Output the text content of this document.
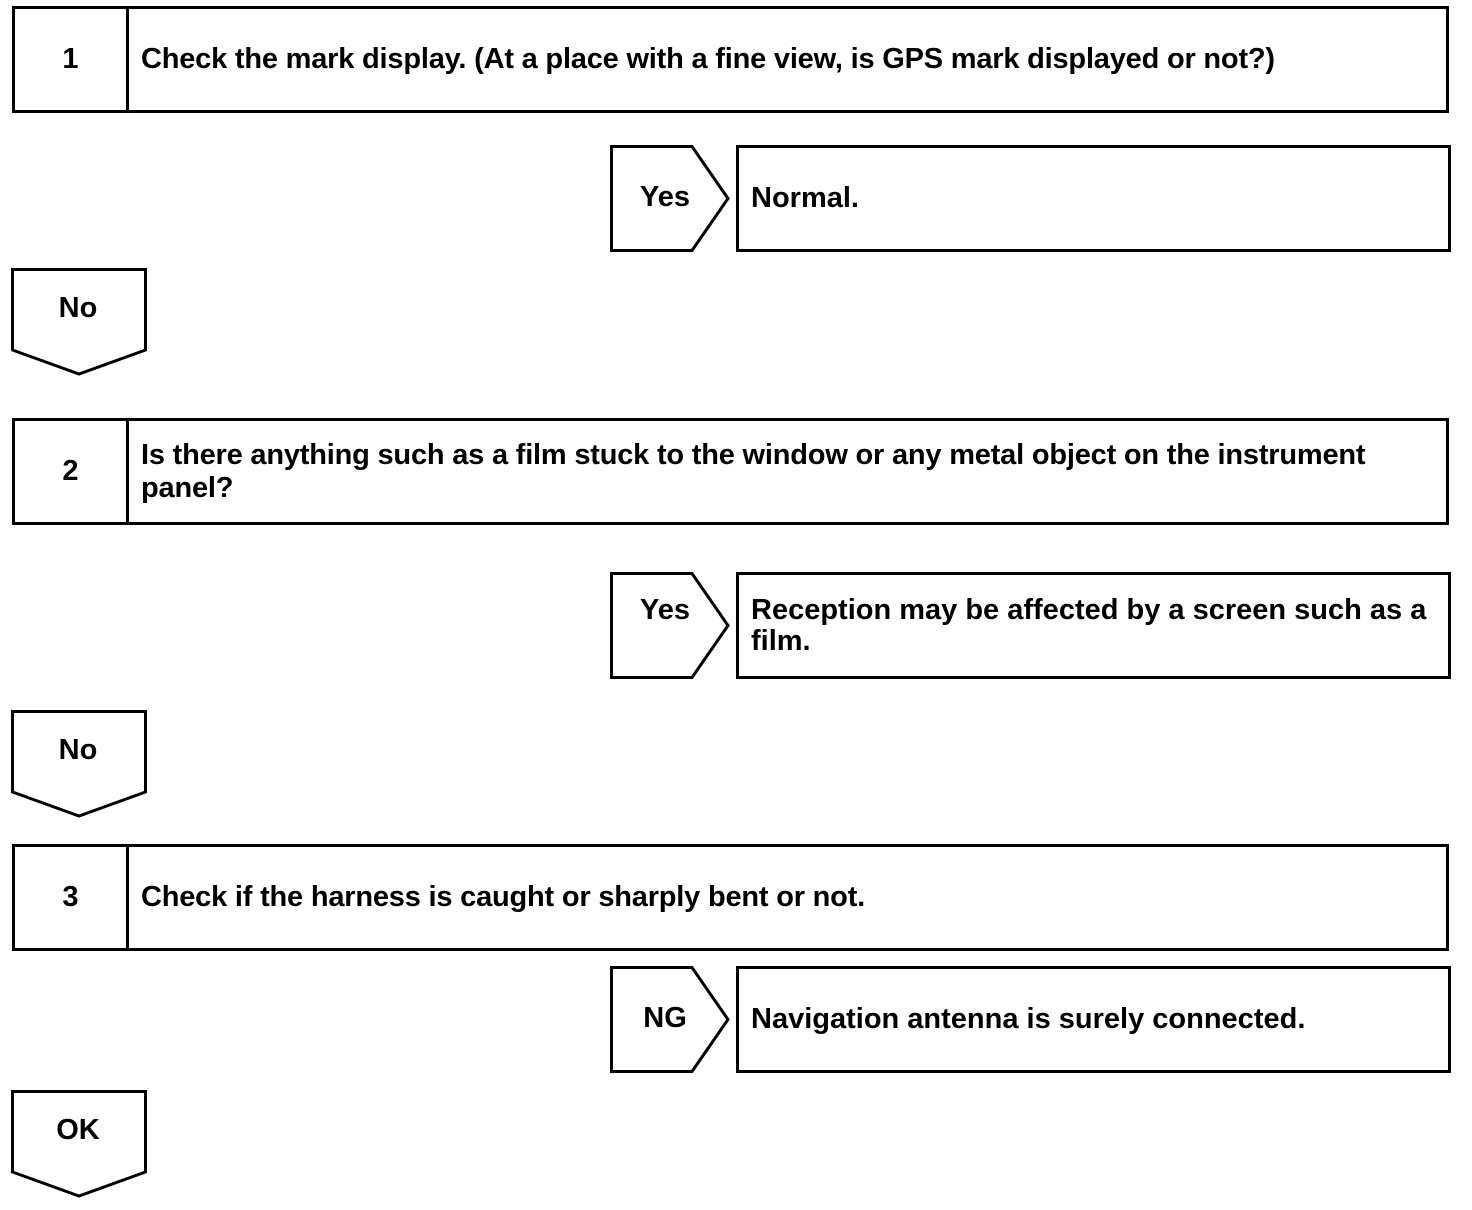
1	Check the mark display. (At a place with a fine view, is GPS mark displayed or not?)
Yes	Normal.
No
2
Is there anything such as a film stuck to the window or any metal object on the instrument panel?
Yes	Reception may be affected by a screen such as a film.
No
3	Check if the harness is caught or sharply bent or not.
NG	Navigation antenna is surely connected.
OK
